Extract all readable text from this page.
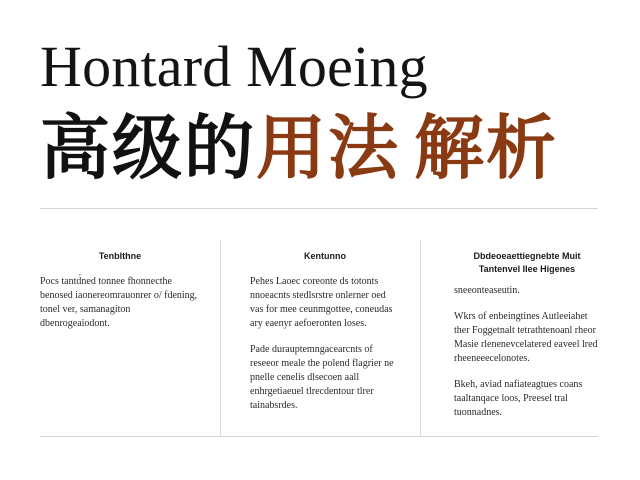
Hontard Moeing
高级的用法 解析
Tenblthne

Pocs tantd́ned tonnee fhonnecthe benosed iaonereomrauonrer o/ fdening, tonel ver, samanagiton dbenrogeaiodont.

Kentunno

Pehes Laoec coreonte ds totonts nnoeacnts stedlsrstre onlerner oed vas for mee ceunmgottee, coneudas ary eaenyr aefoeronten loses.

Pade durauptemngacearcnts of reseeor meale the polend flagrier ne pnelle cenelis dlsecoen aall enhrgetiaeuel tlrecdentour tlrer tainabsrdes.

Dbdeoeaettiegnebte Muit Tantenvel Ilee Higenes

sneeonteaseutin.

Wkrs of enbeingtines Autleeiahet ther Foggetnalt tetrathtenoanl rheor Masie rlenenevcelatered eaveel lred rheeneeecelonotes.

Bkeh, aviad nafiateagtues coans taaltanqace loos, Preesel tral tuonnadnes.
